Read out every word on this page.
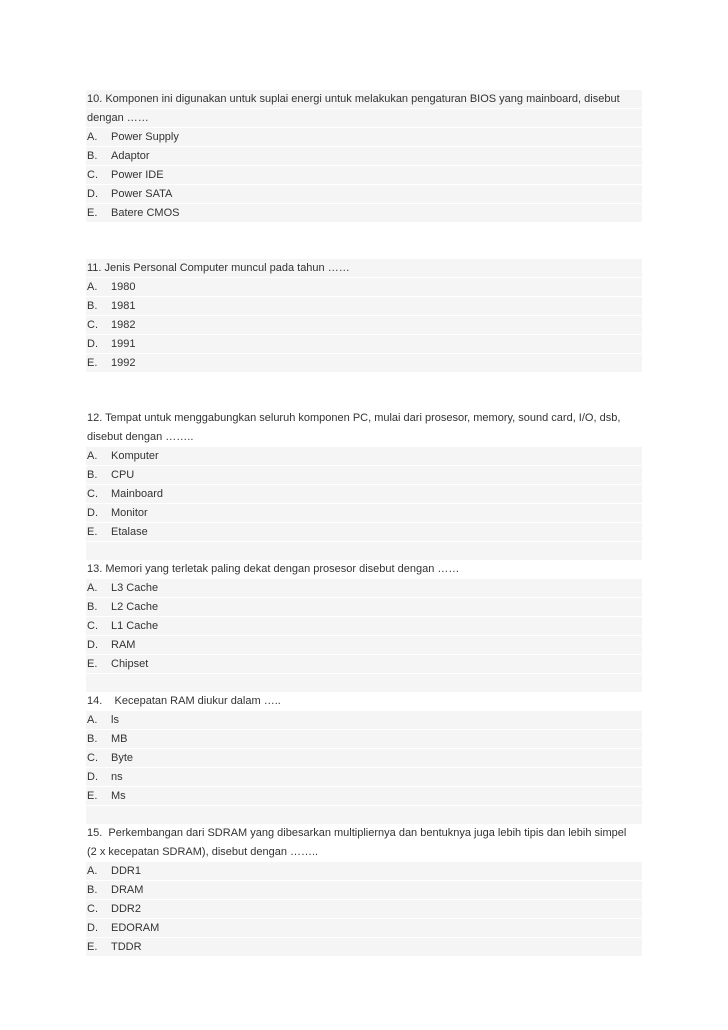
10. Komponen ini digunakan untuk suplai energi untuk melakukan pengaturan BIOS yang mainboard, disebut
dengan ……
A. Power Supply
B. Adaptor
C. Power IDE
D. Power SATA
E. Batere CMOS
11. Jenis Personal Computer muncul pada tahun ……
A. 1980
B. 1981
C. 1982
D. 1991
E. 1992
12. Tempat untuk menggabungkan seluruh komponen PC, mulai dari prosesor, memory, sound card, I/O, dsb,
disebut dengan ……..
A. Komputer
B. CPU
C. Mainboard
D. Monitor
E. Etalase
13. Memori yang terletak paling dekat dengan prosesor disebut dengan ……
A. L3 Cache
B. L2 Cache
C. L1 Cache
D. RAM
E. Chipset
14.    Kecepatan RAM diukur dalam …..
A. ls
B. MB
C. Byte
D. ns
E. Ms
15.  Perkembangan dari SDRAM yang dibesarkan multipliernya dan bentuknya juga lebih tipis dan lebih simpel
(2 x kecepatan SDRAM), disebut dengan ……..
A. DDR1
B. DRAM
C. DDR2
D. EDORAM
E. TDDR
